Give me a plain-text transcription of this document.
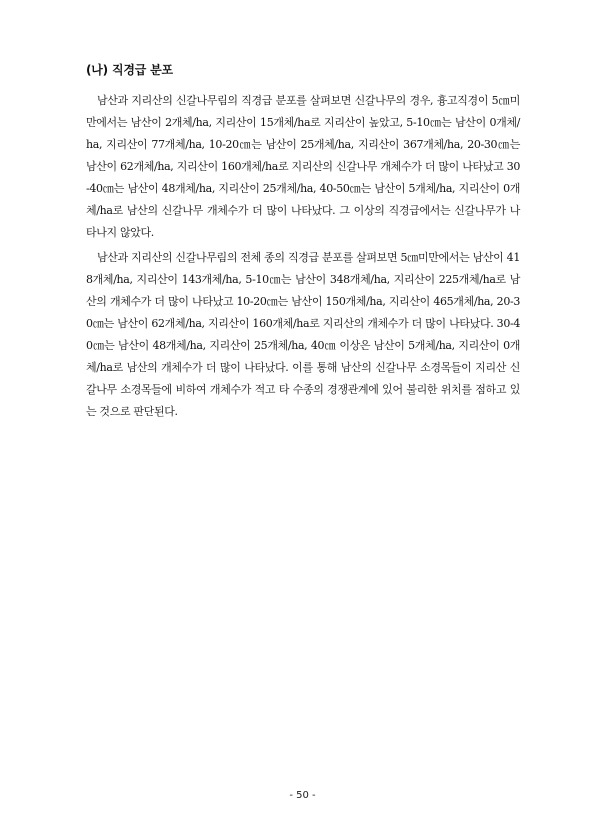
(나) 직경급 분포

남산과 지리산의 신갈나무림의 직경급 분포를 살펴보면 신갈나무의 경우, 흉고직경이 5㎝미만에서는 남산이 2개체/ha, 지리산이 15개체/ha로 지리산이 높았고, 5-10㎝는 남산이 0개체/ha, 지리산이 77개체/ha, 10-20㎝는 남산이 25개체/ha, 지리산이 367개체/ha, 20-30㎝는 남산이 62개체/ha, 지리산이 160개체/ha로 지리산의 신갈나무 개체수가 더 많이 나타났고 30-40㎝는 남산이 48개체/ha, 지리산이 25개체/ha, 40-50㎝는 남산이 5개체/ha, 지리산이 0개체/ha로 남산의 신갈나무 개체수가 더 많이 나타났다. 그 이상의 직경급에서는 신갈나무가 나타나지 않았다.

남산과 지리산의 신갈나무림의 전체 종의 직경급 분포를 살펴보면 5㎝미만에서는 남산이 418개체/ha, 지리산이 143개체/ha, 5-10㎝는 남산이 348개체/ha, 지리산이 225개체/ha로 남산의 개체수가 더 많이 나타났고 10-20㎝는 남산이 150개체/ha, 지리산이 465개체/ha, 20-30㎝는 남산이 62개체/ha, 지리산이 160개체/ha로 지리산의 개체수가 더 많이 나타났다. 30-40㎝는 남산이 48개체/ha, 지리산이 25개체/ha, 40㎝ 이상은 남산이 5개체/ha, 지리산이 0개체/ha로 남산의 개체수가 더 많이 나타났다. 이를 통해 남산의 신갈나무 소경목들이 지리산 신갈나무 소경목들에 비하여 개체수가 적고 타 수종의 경쟁관계에 있어 불리한 위치를 점하고 있는 것으로 판단된다.

- 50 -
